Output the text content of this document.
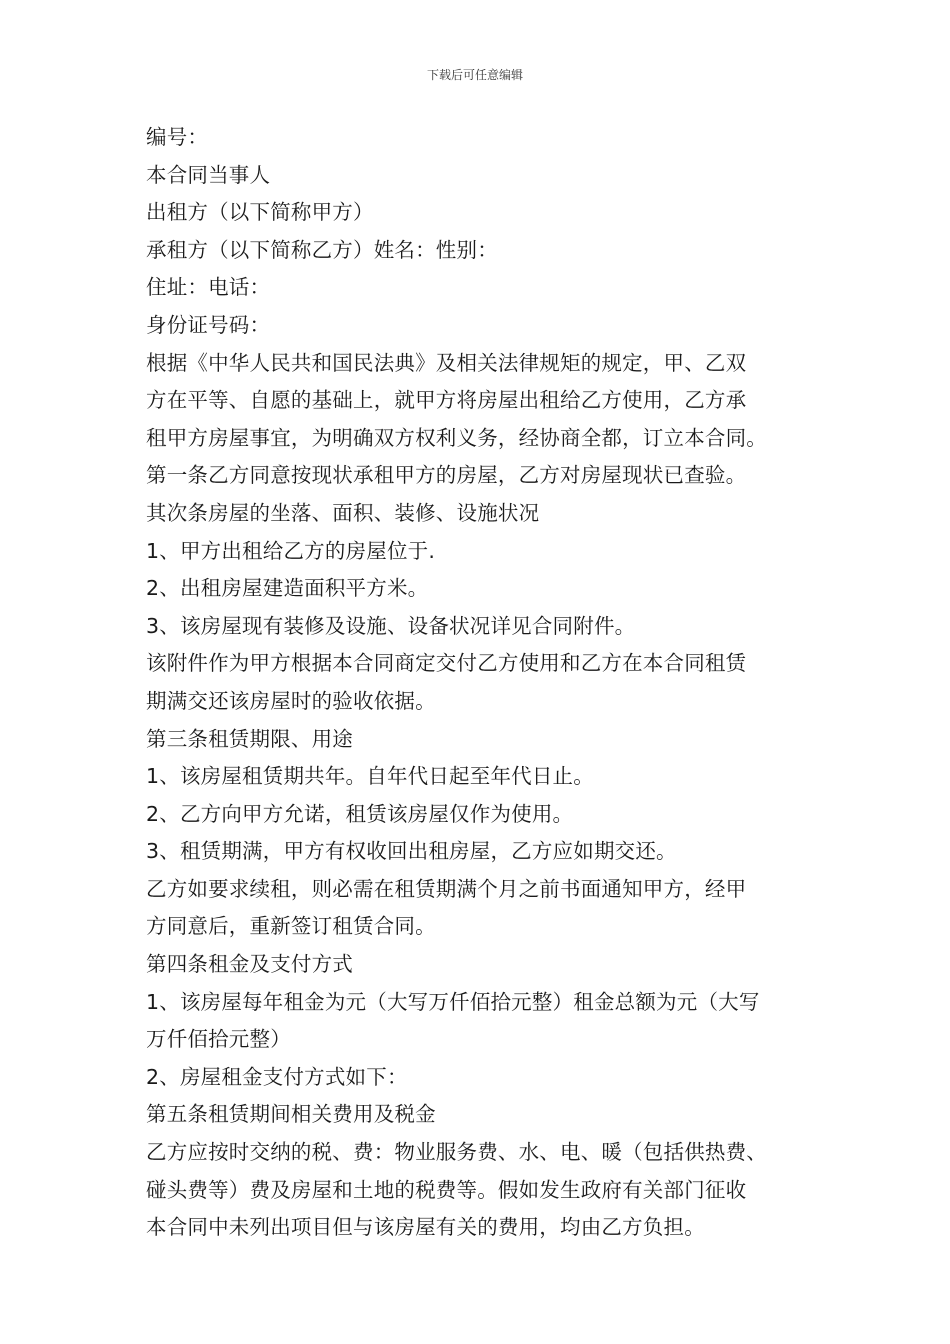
下载后可任意编辑
编号：
本合同当事人
出租方（以下简称甲方）
承租方（以下简称乙方）姓名：性别：
住址：电话：
身份证号码：
根据《中华人民共和国民法典》及相关法律规矩的规定，甲、乙双
方在平等、自愿的基础上，就甲方将房屋出租给乙方使用，乙方承
租甲方房屋事宜，为明确双方权利义务，经协商全都，订立本合同。
第一条乙方同意按现状承租甲方的房屋，乙方对房屋现状已查验。
其次条房屋的坐落、面积、装修、设施状况
1、甲方出租给乙方的房屋位于.
2、出租房屋建造面积平方米。
3、该房屋现有装修及设施、设备状况详见合同附件。
该附件作为甲方根据本合同商定交付乙方使用和乙方在本合同租赁
期满交还该房屋时的验收依据。
第三条租赁期限、用途
1、该房屋租赁期共年。自年代日起至年代日止。
2、乙方向甲方允诺，租赁该房屋仅作为使用。
3、租赁期满，甲方有权收回出租房屋，乙方应如期交还。
乙方如要求续租，则必需在租赁期满个月之前书面通知甲方，经甲
方同意后，重新签订租赁合同。
第四条租金及支付方式
1、该房屋每年租金为元（大写万仟佰拾元整）租金总额为元（大写
万仟佰拾元整）
2、房屋租金支付方式如下：
第五条租赁期间相关费用及税金
乙方应按时交纳的税、费：物业服务费、水、电、暖（包括供热费、
碰头费等）费及房屋和土地的税费等。假如发生政府有关部门征收
本合同中未列出项目但与该房屋有关的费用，均由乙方负担。
